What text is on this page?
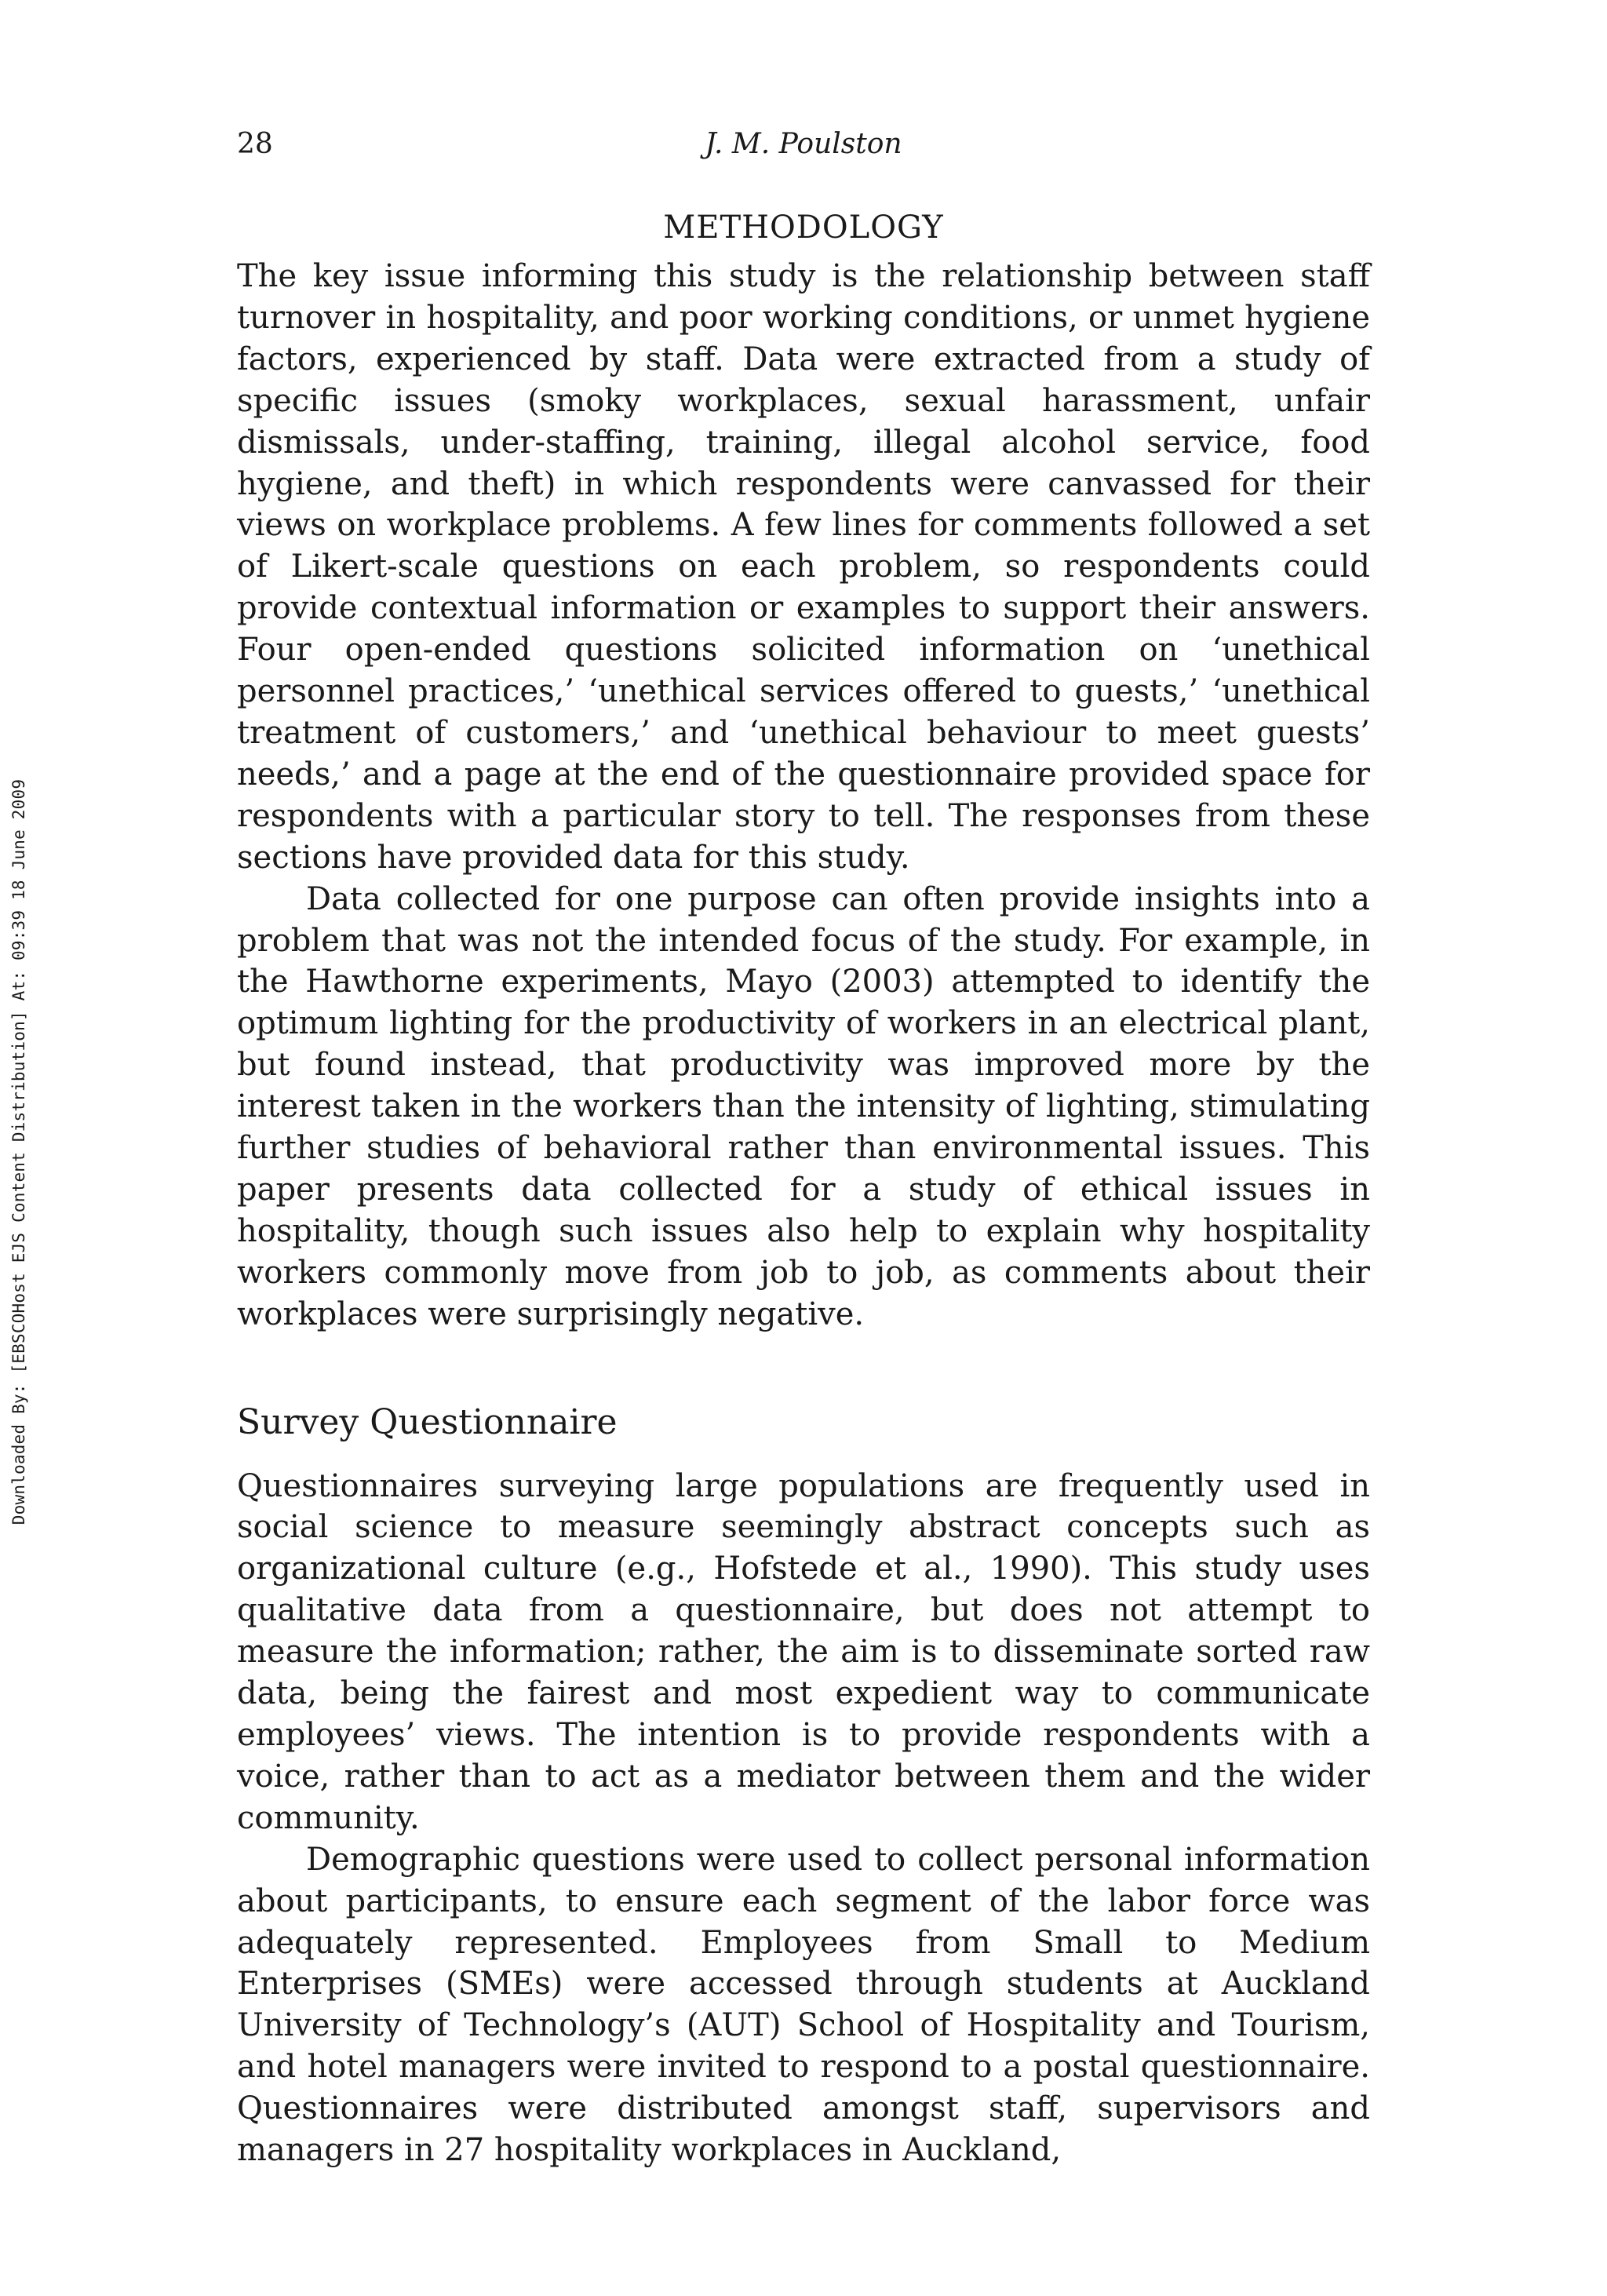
28	J. M. Poulston
Downloaded By: [EBSCOHost EJS Content Distribution] At: 09:39 18 June 2009
METHODOLOGY

The key issue informing this study is the relationship between staff turnover in hospitality, and poor working conditions, or unmet hygiene factors, experienced by staff. Data were extracted from a study of specific issues (smoky workplaces, sexual harassment, unfair dismissals, under-staffing, training, illegal alcohol service, food hygiene, and theft) in which respondents were canvassed for their views on workplace problems. A few lines for comments followed a set of Likert-scale questions on each problem, so respondents could provide contextual information or examples to support their answers. Four open-ended questions solicited information on ‘unethical personnel practices,’ ‘unethical services offered to guests,’ ‘unethical treatment of customers,’ and ‘unethical behaviour to meet guests’ needs,’ and a page at the end of the questionnaire provided space for respondents with a particular story to tell. The responses from these sections have provided data for this study.

Data collected for one purpose can often provide insights into a problem that was not the intended focus of the study. For example, in the Hawthorne experiments, Mayo (2003) attempted to identify the optimum lighting for the productivity of workers in an electrical plant, but found instead, that productivity was improved more by the interest taken in the workers than the intensity of lighting, stimulating further studies of behavioral rather than environmental issues. This paper presents data collected for a study of ethical issues in hospitality, though such issues also help to explain why hospitality workers commonly move from job to job, as comments about their workplaces were surprisingly negative.

Survey Questionnaire

Questionnaires surveying large populations are frequently used in social science to measure seemingly abstract concepts such as organizational culture (e.g., Hofstede et al., 1990). This study uses qualitative data from a questionnaire, but does not attempt to measure the information; rather, the aim is to disseminate sorted raw data, being the fairest and most expedient way to communicate employees’ views. The intention is to provide respondents with a voice, rather than to act as a mediator between them and the wider community.

Demographic questions were used to collect personal information about participants, to ensure each segment of the labor force was adequately represented. Employees from Small to Medium Enterprises (SMEs) were accessed through students at Auckland University of Technology’s (AUT) School of Hospitality and Tourism, and hotel managers were invited to respond to a postal questionnaire. Questionnaires were distributed amongst staff, supervisors and managers in 27 hospitality workplaces in Auckland,
